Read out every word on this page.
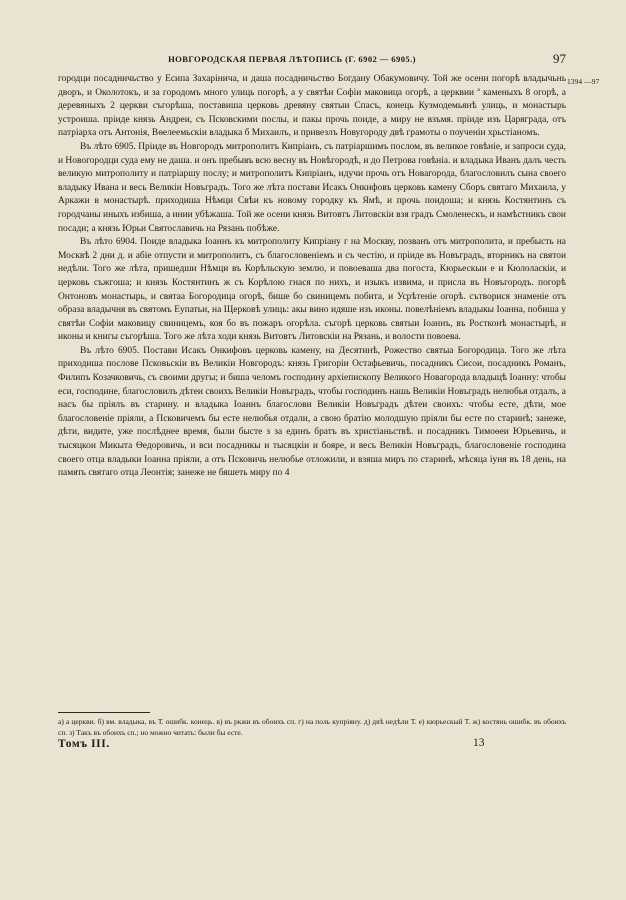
НОВГОРОДСКАЯ ПЕРВАЯ ЛѢТОПИСЬ (Г. 6902 — 6905.)	97
1394 —97

городци посадничьство у Есипа Захарінича, и даша посадничьство Богдану Обакумовичу. Той же осени погорѣ владычьнь дворъ, и Околотокъ, и за городомъ много улиць погорѣ, а у святѣи Софіи маковица огорѣ, а церквии ª каменыхъ 8 огорѣ, а деревяныхъ 2 церкви съгорѣша, поставиша церковь древяну святыи Спасъ, конець Кузмодемьянѣ улиць, и монастырь устроиша. пріиде князь Андреи, съ Псковскими послы, и пакы прочь поиде, а миру не взъмя. пріиде изъ Царяграда, отъ патріарха отъ Антонія, Вѳелеемьскіи владыка б Михаилъ, и привезлъ Новугороду двѣ грамоты о поученіи хрьстіаномъ.

Въ лѣто 6905. Пріиде въ Новгородъ митрополитъ Кипріанъ, съ патріаршимъ послом, въ великое говѣніе, и запроси суда, и Новогородци суда ему не даша. и онъ пребывъ всю весну въ Новѣгородѣ, и до Петрова говѣніа. и владыка Иванъ далъ честь великую митрополиту и патріаршу послу; и митрополитъ Кипріанъ, идучи прочь отъ Новагорода, благословилъ сына своего владыку Ивана и весь Великіи Новъградъ. Того же лѣта постави Исакъ Онкифовъ церковь камену Сборъ святаго Михаила, у Аркажи в монастырѣ. приходиша Нѣмци Свѣи къ новому городку къ Ямѣ, и прочь поидоша; и князь Костянтинъ съ городчаны иныхъ избиша, а инии убѣжаша. Той же осени князь Витовтъ Литовскіи взя градъ Смоленескъ, и намѣстникъ свои посади; а князь Юрьи Святославичь на Рязань побѣже.

Въ лѣто 6904. Поиде владыка Іоаннъ къ митрополиту Кипріану г на Москву, позванъ отъ митрополита, и пребысть на Москвѣ 2 дни д. и абіе отпусти и митрополитъ, съ благословеніемъ и съ честію, и пріиде въ Новъградъ, вторникъ на святои недѣли. Того же лѣта, пришедши Нѣмци въ Корѣльскую землю, и повоеваша два погоста, Кюрьескыи е и Кюлоласкіи, и церковь съжгоша; и князь Костянтинъ ж съ Корѣлою гнася по нихъ, и изыкъ извима, и прислa въ Новъгородъ. погорѣ Онтоновъ монастырь, и святаа Богородица огорѣ, бише бо свиницемъ побита, и Усрѣтеніе огорѣ. сътворися знаменіе отъ образа владычня въ святомъ Еупатьи, на Щерковѣ улиць: акы вино идяше изъ иконы. повелѣніемъ владыкы Іоанна, побиша у святѣи Софіи маковицу свиницемъ, коя бо въ пожаръ огорѣла. съгорѣ церковь святыи Іоаннъ, въ Ростконѣ монастырѣ, и иконы и книгы съгорѣша. Того же лѣта ходи князь Витовтъ Литовскіи на Рязань, и волости повоева.

Въ лѣто 6905. Постави Исакъ Онкифовъ церковь камену, на Десятинѣ, Рожество святыа Богородица. Того же лѣта приходиша послове Псковьскіи въ Великіи Новгородъ: князь Григоріи Остафьевичь, посадникъ Сисои, посадникъ Романъ, Филипъ Козачковичь, съ своими другы; и биша челомъ господину архіепископу Великого Новагорода владыцѣ Іоанну: чтобы еси, господине, благословилъ дѣтеи своихъ Великіи Новъградъ, чтобы господинъ нашь Великіи Новъградъ нелюбья отдалъ, а насъ бы пріялъ въ старину. и владыка Іоаннъ благослови Великіи Новъградъ дѣтеи своихъ: чтобы есте, дѣти, мое благословеніе пріяли, а Псковичемъ бы есте нелюбья отдали, а свою братію молодшую пріяли бы есте по старинѣ; занеже, дѣти, видите, уже послѣднее время, были бысте з за единъ братъ въ христіаньствѣ. и посадникъ Тимоѳеи Юрьевичь, и тысяцкои Микыта Ѳедоровичь, и вси посадникы и тысяцкіи и бояре, и весь Великіи Новъградъ, благословеніе господина своего отца владыки Іоанна пріяли, а отъ Псковичь нелюбье отложили, и взяша миръ по старинѣ, мѣсяца іуня въ 18 день, на память святаго отца Леонтія; занеже не бяшеть миру по 4

а) а церкви. б) вм. владыка, въ Т. ошибк. конець. в) въ ркжи въ обоихъ сп. г) на поль купріяну. д) двѣ недѣли Т. е) кюрьескый Т. ж) костянь ошибк. въ обоихъ сп. з) Такъ въ обоихъ сп.; но можно читать: были бы есте.
Томъ III.	13
